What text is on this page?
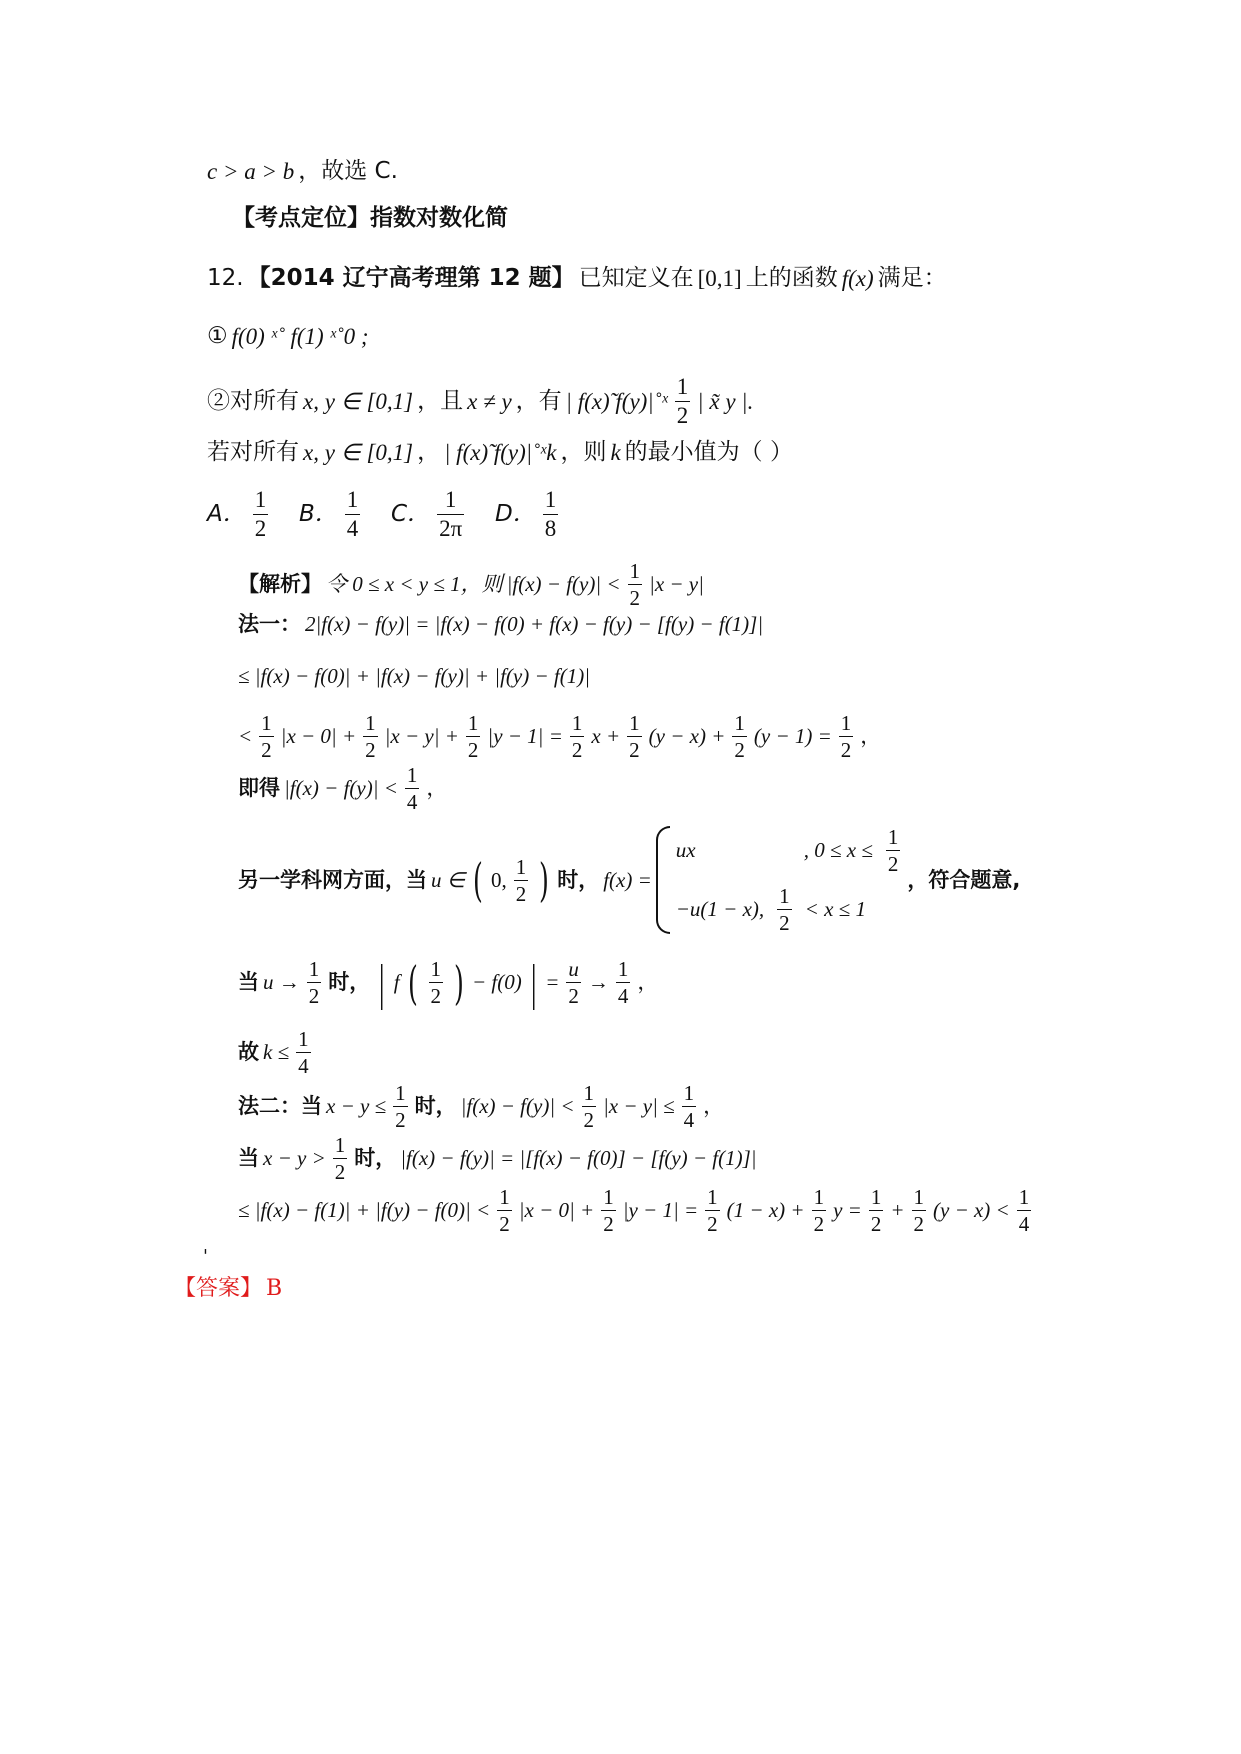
c > a > b ，故选 C.
【考点定位】指数对数化简
12. 【2014 辽宁高考理第 12 题】 已知定义在 [0,1] 上的函数 f(x) 满足：
① f(0) ˣ˚ f(1) ˣ˚0 ;
②对所有 x, y ∈ [0,1] ，且 x ≠ y ，有 | f(x)̃ f(y)|˚ˣ $\frac{1}{2}$ | x̃ y |.
若对所有 x, y ∈ [0,1] ， | f(x)̃ f(y)|˚ˣk ，则 k 的最小值为（ ）
A． $\frac{1}{2}$ B． $\frac{1}{4}$ C． $\frac{1}{2\pi}$ D． $\frac{1}{8}$
【解析】 令 0 ≤ x < y ≤ 1，则 $|f(x) - f(y)| < \frac{1}{2} |x - y|$
法一： 2|f(x) − f(y)| = |f(x) − f(0) + f(x) − f(y) − [f(y) − f(1)]|
≤ |f(x) − f(0)| + |f(x) − f(y)| + |f(y) − f(1)|
< $\frac{1}{2} |x - 0| + \frac{1}{2} |x - y| + \frac{1}{2} |y - 1| = \frac{1}{2}$ $x + \frac{1}{2} (y - x) + \frac{1}{2} (y - 1) = \frac{1}{2}$ ，
即得 $|f(x) - f(y)| < \frac{1}{4}$ ，
另一学科网方面，当 u ∈ ( 0, $\frac{1}{2}$ ) 时， f(x) =
ux	, $0 \le x \le \frac{1}{2}$
−u(1 − x), $\frac{1}{2} < x \le 1$
，符合题意,
当 $u \to \frac{1}{2}$ 时， | f ( $\frac{1}{2}$ ) − f(0) | = $\frac{u}{2} \to \frac{1}{4}$ ，
故 $k \le \frac{1}{4}$
法二：当 $x - y \le \frac{1}{2}$ 时， $|f(x) - f(y)| < \frac{1}{2} |x - y| \le \frac{1}{4}$ ，
当 $x - y > \frac{1}{2}$ 时， |f(x) − f(y)| = |[f(x) − f(0)] − [f(y) − f(1)]|
≤ $|f(x) - f(1)| + |f(y) - f(0)| < \frac{1}{2} |x - 0| + \frac{1}{2} |y - 1| = \frac{1}{2} (1 - x) + \frac{1}{2}$ $y = \frac{1}{2} + \frac{1}{2} (y - x) < \frac{1}{4}$
'
【答案】 B
